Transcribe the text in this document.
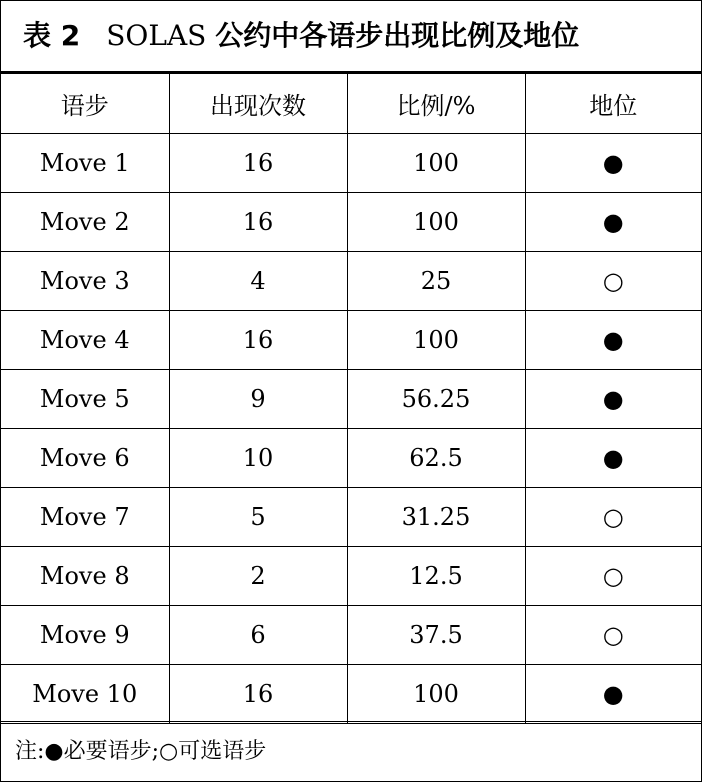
表 2 SOLAS 公约中各语步出现比例及地位
语步	出现次数	比例/%	地位
Move 1	16	100	●
Move 2	16	100	●
Move 3	4	25	○
Move 4	16	100	●
Move 5	9	56.25	●
Move 6	10	62.5	●
Move 7	5	31.25	○
Move 8	2	12.5	○
Move 9	6	37.5	○
Move 10	16	100	●
注:●必要语步;○可选语步
